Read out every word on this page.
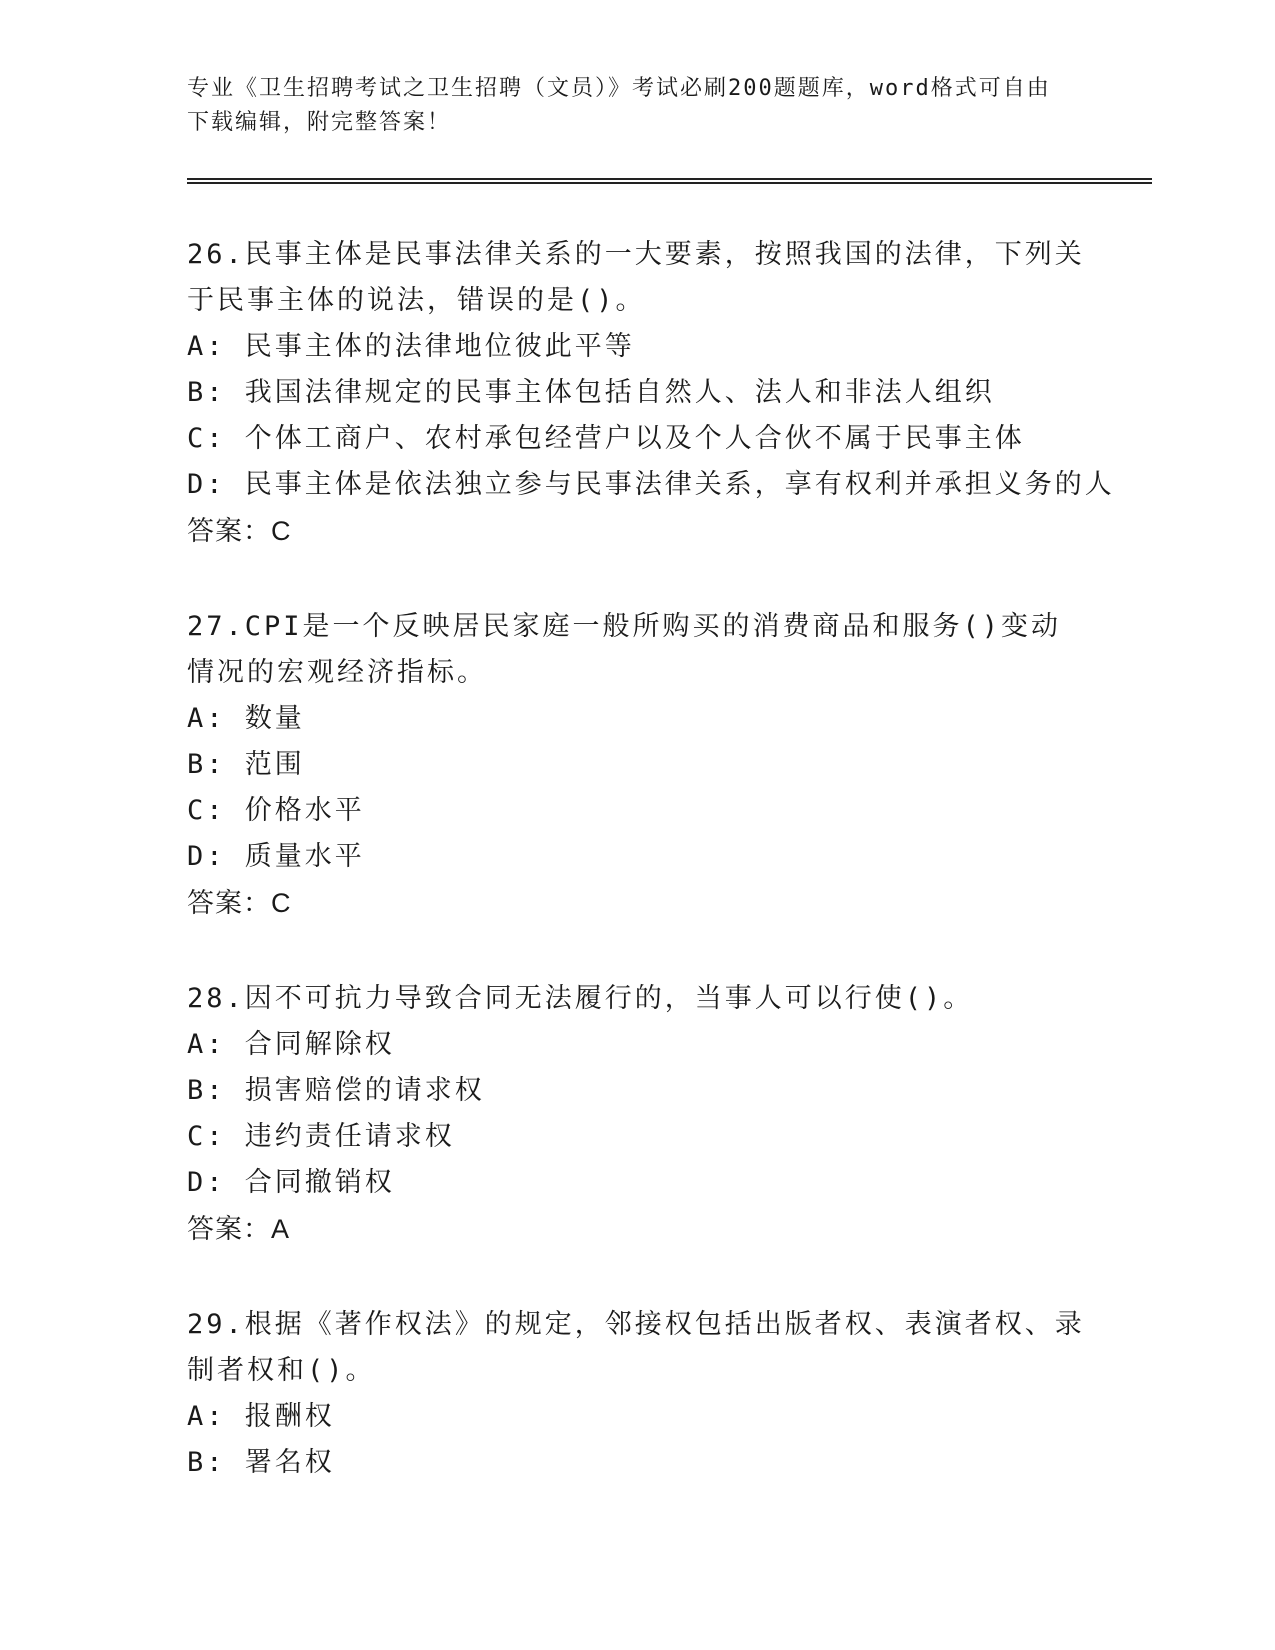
专业《卫生招聘考试之卫生招聘（文员）》考试必刷200题题库，word格式可自由下载编辑，附完整答案！
26.民事主体是民事法律关系的一大要素，按照我国的法律，下列关于民事主体的说法，错误的是()。
A: 民事主体的法律地位彼此平等
B: 我国法律规定的民事主体包括自然人、法人和非法人组织
C: 个体工商户、农村承包经营户以及个人合伙不属于民事主体
D: 民事主体是依法独立参与民事法律关系，享有权利并承担义务的人
答案：C
27.CPI是一个反映居民家庭一般所购买的消费商品和服务()变动情况的宏观经济指标。
A: 数量
B: 范围
C: 价格水平
D: 质量水平
答案：C
28.因不可抗力导致合同无法履行的，当事人可以行使()。
A: 合同解除权
B: 损害赔偿的请求权
C: 违约责任请求权
D: 合同撤销权
答案：A
29.根据《著作权法》的规定，邻接权包括出版者权、表演者权、录制者权和()。
A: 报酬权
B: 署名权
